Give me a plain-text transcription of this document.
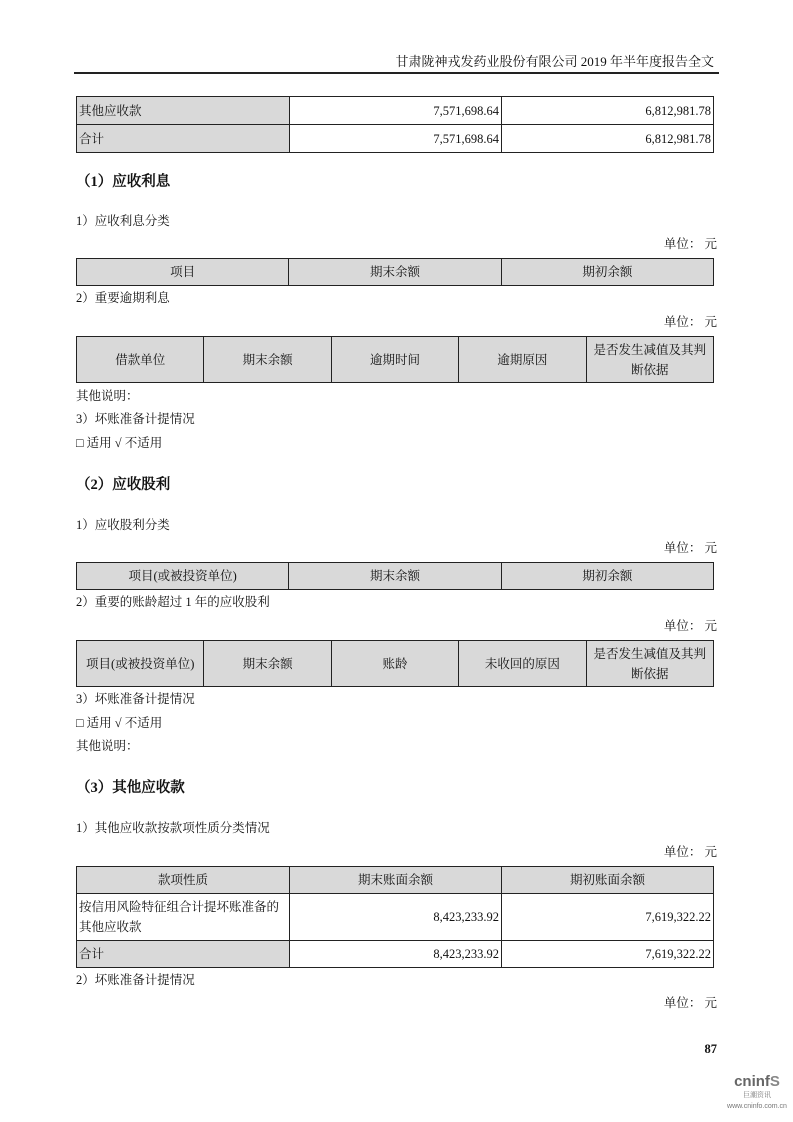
甘肃陇神戎发药业股份有限公司 2019 年半年度报告全文
其他应收款	7,571,698.64	6,812,981.78
合计	7,571,698.64	6,812,981.78
（1）应收利息
1）应收利息分类
单位： 元
项目	期末余额	期初余额
2）重要逾期利息
单位： 元
借款单位	期末余额	逾期时间	逾期原因	是否发生减值及其判断依据
其他说明：
3）坏账准备计提情况
□ 适用 √ 不适用
（2）应收股利
1）应收股利分类
单位： 元
项目(或被投资单位)	期末余额	期初余额
2）重要的账龄超过 1 年的应收股利
单位： 元
项目(或被投资单位)	期末余额	账龄	未收回的原因	是否发生减值及其判断依据
3）坏账准备计提情况
□ 适用 √ 不适用
其他说明：
（3）其他应收款
1）其他应收款按款项性质分类情况
单位： 元
款项性质	期末账面余额	期初账面余额
按信用风险特征组合计提坏账准备的其他应收款	8,423,233.92	7,619,322.22
合计	8,423,233.92	7,619,322.22
2）坏账准备计提情况
单位： 元
87
cninfS
巨潮资讯
www.cninfo.com.cn
